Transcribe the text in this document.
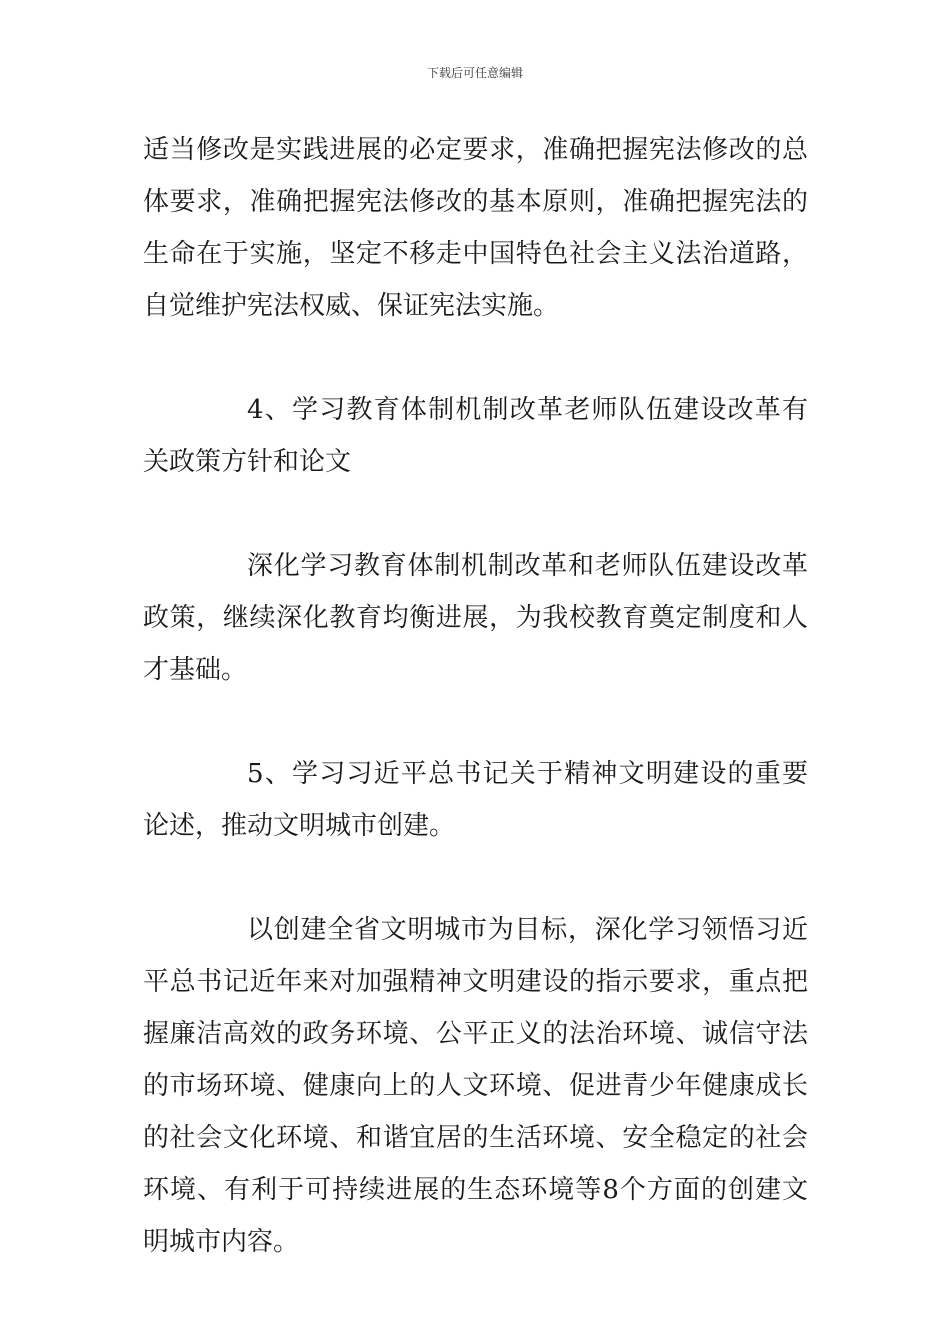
下载后可任意编辑

适当修改是实践进展的必定要求，准确把握宪法修改的总体要求，准确把握宪法修改的基本原则，准确把握宪法的生命在于实施，坚定不移走中国特色社会主义法治道路，自觉维护宪法权威、保证宪法实施。

4、学习教育体制机制改革老师队伍建设改革有关政策方针和论文

深化学习教育体制机制改革和老师队伍建设改革政策，继续深化教育均衡进展，为我校教育奠定制度和人才基础。

5、学习习近平总书记关于精神文明建设的重要论述，推动文明城市创建。

以创建全省文明城市为目标，深化学习领悟习近平总书记近年来对加强精神文明建设的指示要求，重点把握廉洁高效的政务环境、公平正义的法治环境、诚信守法的市场环境、健康向上的人文环境、促进青少年健康成长的社会文化环境、和谐宜居的生活环境、安全稳定的社会环境、有利于可持续进展的生态环境等8个方面的创建文明城市内容。
